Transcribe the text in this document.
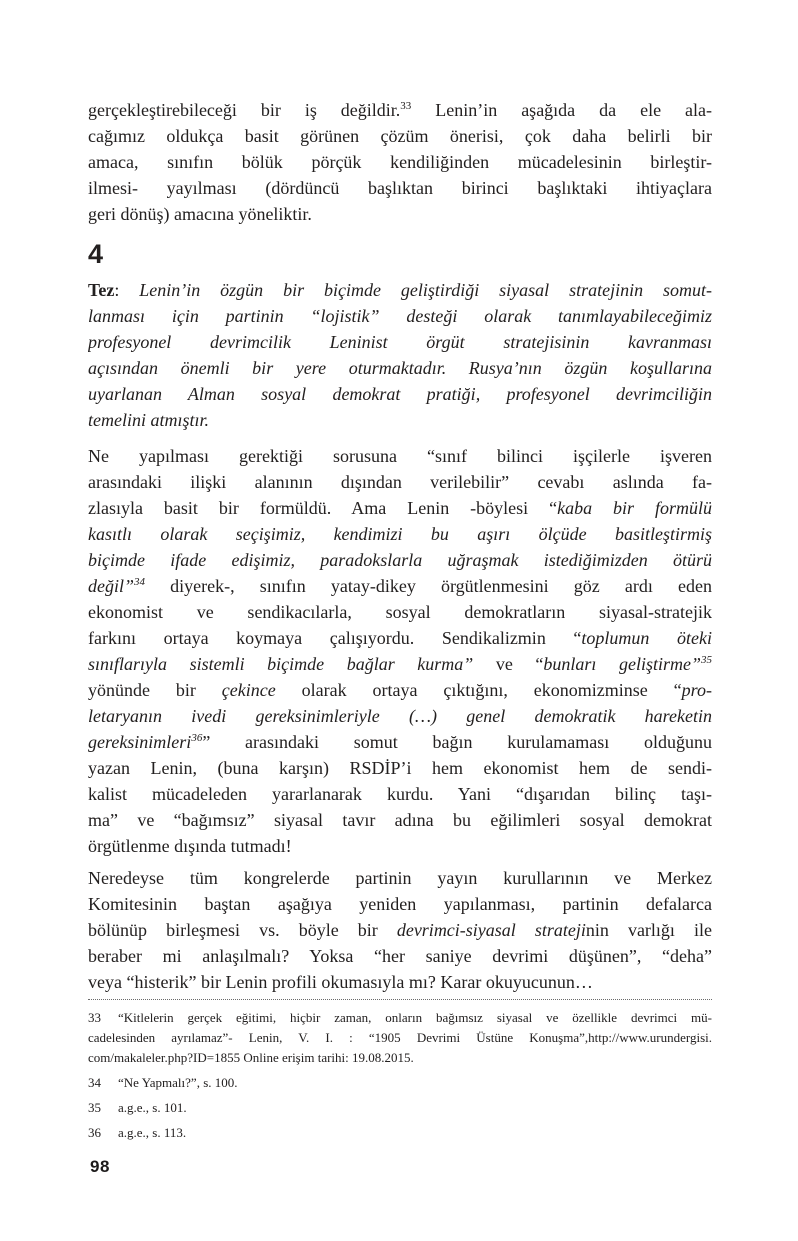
gerçekleştirebileceği bir iş değildir.$^{33}$ Lenin’in aşağıda da ele ala-
cağımız oldukça basit görünen çözüm önerisi, çok daha belirli bir
amaca, sınıfın bölük pörçük kendiliğinden mücadelesinin birleştir-
ilmesi- yayılması (dördüncü başlıktan birinci başlıktaki ihtiyaçlara
geri dönüş) amacına yöneliktir.
4
Tez: Lenin’in özgün bir biçimde geliştirdiği siyasal stratejinin somut-
lanması için partinin “lojistik” desteği olarak tanımlayabileceğimiz
profesyonel devrimcilik Leninist örgüt stratejisinin kavranması
açısından önemli bir yere oturmaktadır. Rusya’nın özgün koşullarına
uyarlanan Alman sosyal demokrat pratiği, profesyonel devrimciliğin
temelini atmıştır.
Ne yapılması gerektiği sorusuna “sınıf bilinci işçilerle işveren
arasındaki ilişki alanının dışından verilebilir” cevabı aslında fa-
zlasıyla basit bir formüldü. Ama Lenin -böylesi “kaba bir formülü
kasıtlı olarak seçişimiz, kendimizi bu aşırı ölçüde basitleştirmiş
biçimde ifade edişimiz, paradokslarla uğraşmak istediğimizden ötürü
değil”$^{34}$ diyerek-, sınıfın yatay-dikey örgütlenmesini göz ardı eden
ekonomist ve sendikacılarla, sosyal demokratların siyasal-stratejik
farkını ortaya koymaya çalışıyordu. Sendikalizmin “toplumun öteki
sınıflarıyla sistemli biçimde bağlar kurma” ve “bunları geliştirme”$^{35}$
yönünde bir çekince olarak ortaya çıktığını, ekonomizminse “pro-
letaryanın ivedi gereksinimleriyle (…) genel demokratik hareketin
gereksinimleri$^{36}$” arasındaki somut bağın kurulamaması olduğunu
yazan Lenin, (buna karşın) RSDİP’i hem ekonomist hem de sendi-
kalist mücadeleden yararlanarak kurdu. Yani “dışarıdan bilinç taşı-
ma” ve “bağımsız” siyasal tavır adına bu eğilimleri sosyal demokrat
örgütlenme dışında tutmadı!
Neredeyse tüm kongrelerde partinin yayın kurullarının ve Merkez
Komitesinin baştan aşağıya yeniden yapılanması, partinin defalarca
bölünüp birleşmesi vs. böyle bir devrimci-siyasal stratejinin varlığı ile
beraber mi anlaşılmalı? Yoksa “her saniye devrimi düşünen”, “deha”
veya “histerik” bir Lenin profili okumasıyla mı? Karar okuyucunun…
33 “Kitlelerin gerçek eğitimi, hiçbir zaman, onların bağımsız siyasal ve özellikle devrimci mü-
cadelesinden ayrılamaz”- Lenin, V. I. : “1905 Devrimi Üstüne Konuşma”,http://www.urundergisi.
com/makaleler.php?ID=1855 Online erişim tarihi: 19.08.2015.
34 “Ne Yapmalı?”, s. 100.
35 a.g.e., s. 101.
36 a.g.e., s. 113.
98
